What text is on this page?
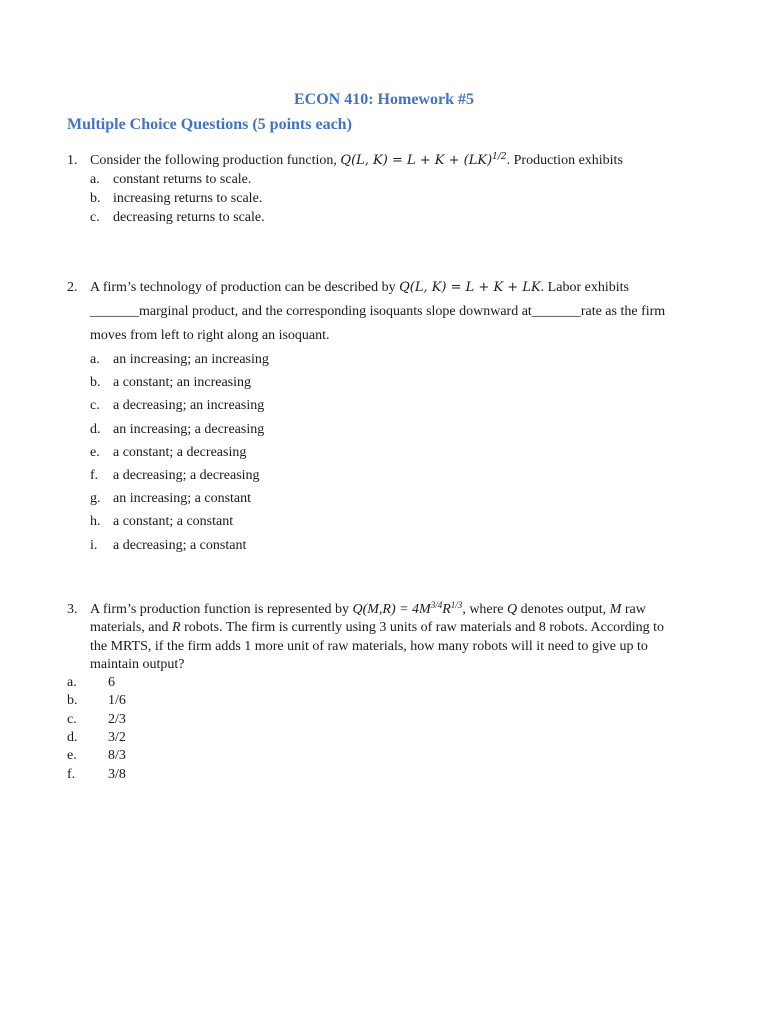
ECON 410: Homework #5
Multiple Choice Questions (5 points each)
1. Consider the following production function, Q(L, K) = L + K + (LK)$^{1/2}$. Production exhibits
a. constant returns to scale.
b. increasing returns to scale.
c. decreasing returns to scale.
2. A firm’s technology of production can be described by Q(L, K) = L + K + LK. Labor exhibits _______marginal product, and the corresponding isoquants slope downward at_______rate as the firm moves from left to right along an isoquant.
a. an increasing; an increasing
b. a constant; an increasing
c. a decreasing; an increasing
d. an increasing; a decreasing
e. a constant; a decreasing
f. a decreasing; a decreasing
g. an increasing; a constant
h. a constant; a constant
i. a decreasing; a constant
3. A firm’s production function is represented by $Q(M,R) = 4M^{3/4}R^{1/3}$, where Q denotes output, M raw materials, and R robots. The firm is currently using 3 units of raw materials and 8 robots. According to the MRTS, if the firm adds 1 more unit of raw materials, how many robots will it need to give up to maintain output?
a. 6
b. 1/6
c. 2/3
d. 3/2
e. 8/3
f. 3/8
